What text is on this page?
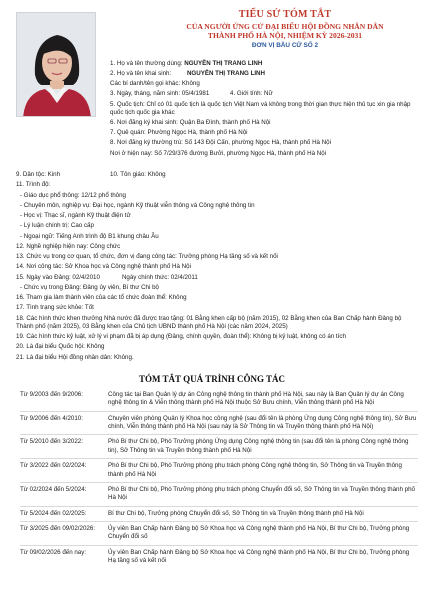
TIỂU SỬ TÓM TẮT
CỦA NGƯỜI ỨNG CỬ ĐẠI BIỂU HỘI ĐỒNG NHÂN DÂN
THÀNH PHỐ HÀ NỘI, NHIỆM KỲ 2026-2031
ĐƠN VỊ BẦU CỬ SỐ 2
1. Họ và tên thường dùng: NGUYỄN THỊ TRANG LINH
2. Họ và tên khai sinh:	NGUYỄN THỊ TRANG LINH
Các bí danh/tên gọi khác: Không
3. Ngày, tháng, năm sinh: 05/4/1981	4. Giới tính: Nữ
5. Quốc tịch: Chỉ có 01 quốc tịch là quốc tịch Việt Nam và không trong thời gian thực hiện thủ tục xin gia nhập quốc tịch quốc gia khác
6. Nơi đăng ký khai sinh: Quận Ba Đình, thành phố Hà Nội
7. Quê quán: Phường Ngọc Hà, thành phố Hà Nội
8. Nơi đăng ký thường trú: Số 143 Đội Cấn, phường Ngọc Hà, thành phố Hà Nội
Nơi ở hiện nay: Số 7/29/376 đường Bưởi, phường Ngọc Hà, thành phố Hà Nội
9. Dân tộc: Kinh	10. Tôn giáo: Không
11. Trình độ:
- Giáo dục phổ thông: 12/12 phổ thông
- Chuyên môn, nghiệp vụ: Đại học, ngành Kỹ thuật viễn thông và Công nghệ thông tin
- Học vị: Thạc sĩ, ngành Kỹ thuật điện tử
- Lý luận chính trị: Cao cấp
- Ngoại ngữ: Tiếng Anh trình độ B1 khung châu Âu
12. Nghề nghiệp hiện nay: Công chức
13. Chức vụ trong cơ quan, tổ chức, đơn vị đang công tác: Trưởng phòng Hạ tầng số và kết nối
14. Nơi công tác: Sở Khoa học và Công nghệ thành phố Hà Nội
15. Ngày vào Đảng: 02/4/2010	Ngày chính thức: 02/4/2011
- Chức vụ trong Đảng: Đảng ủy viên, Bí thư Chi bộ
16. Tham gia làm thành viên của các tổ chức đoàn thể: Không
17. Tình trạng sức khỏe: Tốt
18. Các hình thức khen thưởng Nhà nước đã được trao tặng: 01 Bằng khen cấp bộ (năm 2015), 02 Bằng khen của Ban Chấp hành Đảng bộ Thành phố (năm 2025), 03 Bằng khen của Chủ tịch UBND thành phố Hà Nội (các năm 2024, 2025)
19. Các hình thức kỷ luật, xử lý vi phạm đã bị áp dụng (Đảng, chính quyền, đoàn thể): Không bị kỷ luật, không có án tích
20. Là đại biểu Quốc hội: Không
21. Là đại biểu Hội đồng nhân dân: Không.
TÓM TẮT QUÁ TRÌNH CÔNG TÁC
Từ 9/2003 đến 9/2006:	Công tác tại Ban Quản lý dự án Công nghệ thông tin thành phố Hà Nội, sau này là Ban Quản lý dự án Công nghệ thông tin & Viễn thông thành phố Hà Nội thuộc Sở Bưu chính, Viễn thông thành phố Hà Nội
Từ 9/2006 đến 4/2010:	Chuyên viên phòng Quản lý Khoa học công nghệ (sau đổi tên là phòng Ứng dụng Công nghệ thông tin), Sở Bưu chính, Viễn thông thành phố Hà Nội (sau này là Sở Thông tin và Truyền thông thành phố Hà Nội)
Từ 5/2010 đến 3/2022:	Phó Bí thư Chi bộ, Phó Trưởng phòng Ứng dụng Công nghệ thông tin (sau đổi tên là phòng Công nghệ thông tin), Sở Thông tin và Truyền thông thành phố Hà Nội
Từ 3/2022 đến 02/2024:	Phó Bí thư Chi bộ, Phó Trưởng phòng phụ trách phòng Công nghệ thông tin, Sở Thông tin và Truyền thông thành phố Hà Nội
Từ 02/2024 đến 5/2024:	Phó Bí thư Chi bộ, Phó Trưởng phòng phụ trách phòng Chuyển đổi số, Sở Thông tin và Truyền thông thành phố Hà Nội
Từ 5/2024 đến 02/2025:	Bí thư Chi bộ, Trưởng phòng Chuyển đổi số, Sở Thông tin và Truyền thông thành phố Hà Nội
Từ 3/2025 đến 09/02/2026:	Ủy viên Ban Chấp hành Đảng bộ Sở Khoa học và Công nghệ thành phố Hà Nội, Bí thư Chi bộ, Trưởng phòng Chuyển đổi số
Từ 09/02/2026 đến nay:	Ủy viên Ban Chấp hành Đảng bộ Sở Khoa học và Công nghệ thành phố Hà Nội, Bí thư Chi bộ, Trưởng phòng Hạ tầng số và kết nối
